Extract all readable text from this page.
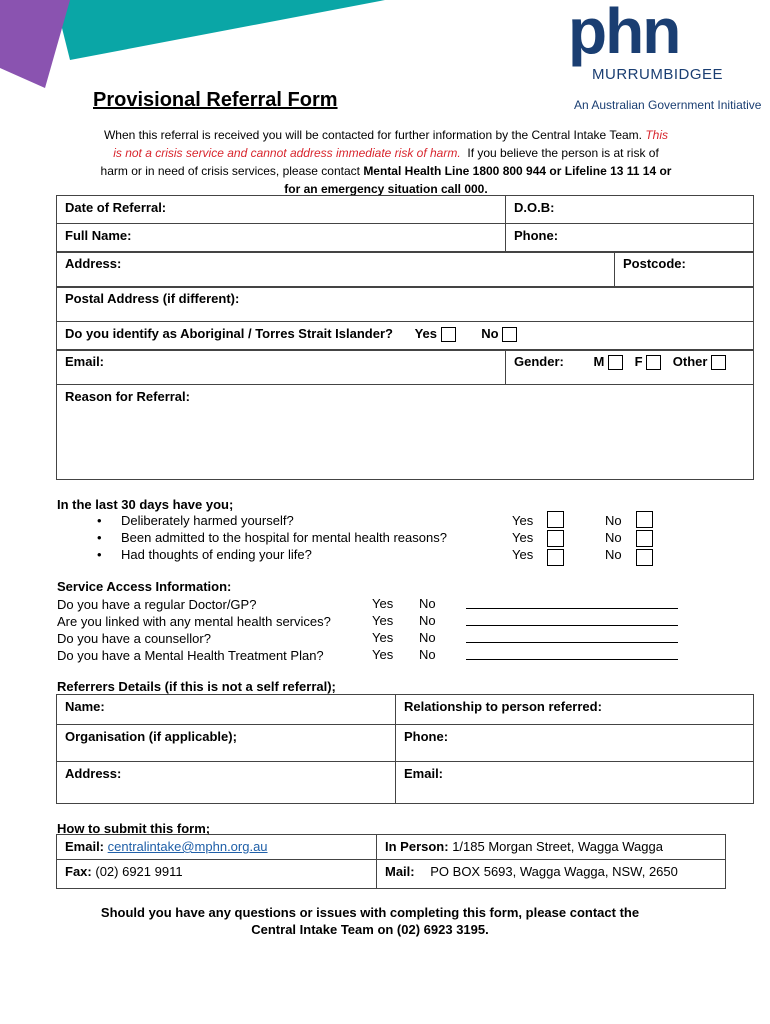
phn
MURRUMBIDGEE
An Australian Government Initiative
Provisional Referral Form
When this referral is received you will be contacted for further information by the Central Intake Team. This
is not a crisis service and cannot address immediate risk of harm. If you believe the person is at risk of
harm or in need of crisis services, please contact Mental Health Line 1800 800 944 or Lifeline 13 11 14 or
for an emergency situation call 000.
Date of Referral:	D.O.B:
Full Name:	Phone:
Address:	Postcode:
Postal Address (if different):
Do you identify as Aboriginal / Torres Strait Islander? Yes	No
Email:	Gender: M F Other
Reason for Referral:
In the last 30 days have you;
• Deliberately harmed yourself?	Yes	No
• Been admitted to the hospital for mental health reasons?	Yes	No
• Had thoughts of ending your life?	Yes	No
Service Access Information:
Do you have a regular Doctor/GP?	Yes No
Are you linked with any mental health services?	Yes No
Do you have a counsellor?	Yes No
Do you have a Mental Health Treatment Plan?	Yes No
Referrers Details (if this is not a self referral);
Name:	Relationship to person referred:
Organisation (if applicable);	Phone:
Address:	Email:
How to submit this form;
Email: centralintake@mphn.org.au	In Person: 1/185 Morgan Street, Wagga Wagga
Fax: (02) 6921 9911	Mail: PO BOX 5693, Wagga Wagga, NSW, 2650
Should you have any questions or issues with completing this form, please contact the
Central Intake Team on (02) 6923 3195.
